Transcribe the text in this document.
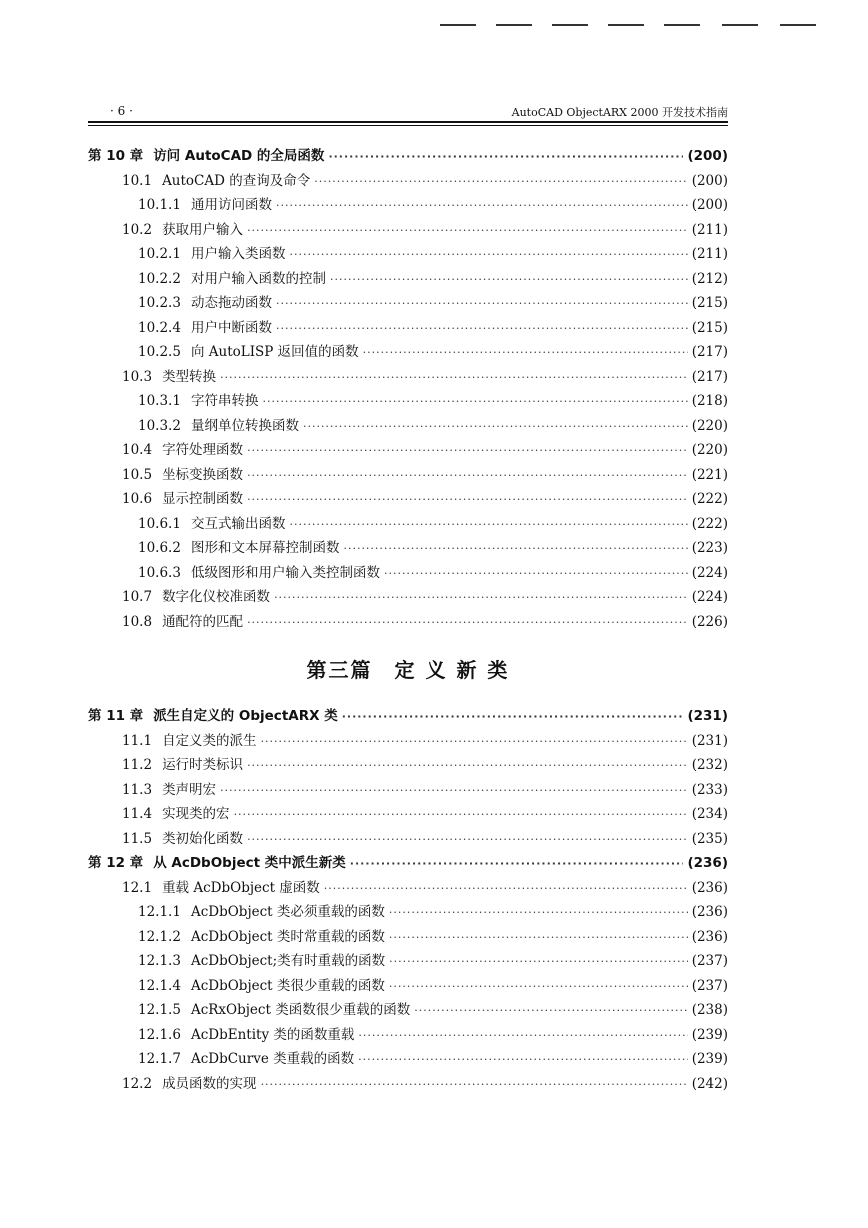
· 6 ·	AutoCAD ObjectARX 2000 开发技术指南
第 10 章 访问 AutoCAD 的全局函数 ·····	(200)
10.1 AutoCAD 的查询及命令 ·····	(200)
10.1.1 通用访问函数 ·····	(200)
10.2 获取用户输入 ·····	(211)
10.2.1 用户输入类函数 ·····	(211)
10.2.2 对用户输入函数的控制 ·····	(212)
10.2.3 动态拖动函数 ·····	(215)
10.2.4 用户中断函数 ·····	(215)
10.2.5 向 AutoLISP 返回值的函数 ·····	(217)
10.3 类型转换 ·····	(217)
10.3.1 字符串转换 ·····	(218)
10.3.2 量纲单位转换函数 ·····	(220)
10.4 字符处理函数 ·····	(220)
10.5 坐标变换函数 ·····	(221)
10.6 显示控制函数 ·····	(222)
10.6.1 交互式输出函数 ·····	(222)
10.6.2 图形和文本屏幕控制函数 ·····	(223)
10.6.3 低级图形和用户输入类控制函数 ·····	(224)
10.7 数字化仪校准函数 ·····	(224)
10.8 通配符的匹配 ·····	(226)
第三篇　定 义 新 类
第 11 章 派生自定义的 ObjectARX 类 ·····	(231)
11.1 自定义类的派生 ·····	(231)
11.2 运行时类标识 ·····	(232)
11.3 类声明宏 ·····	(233)
11.4 实现类的宏 ·····	(234)
11.5 类初始化函数 ·····	(235)
第 12 章 从 AcDbObject 类中派生新类 ·····	(236)
12.1 重载 AcDbObject 虚函数 ·····	(236)
12.1.1 AcDbObject 类必须重载的函数 ·····	(236)
12.1.2 AcDbObject 类时常重载的函数 ·····	(236)
12.1.3 AcDbObject;类有时重载的函数 ·····	(237)
12.1.4 AcDbObject 类很少重载的函数 ·····	(237)
12.1.5 AcRxObject 类函数很少重载的函数 ·····	(238)
12.1.6 AcDbEntity 类的函数重载 ·····	(239)
12.1.7 AcDbCurve 类重载的函数 ·····	(239)
12.2 成员函数的实现 ·····	(242)
